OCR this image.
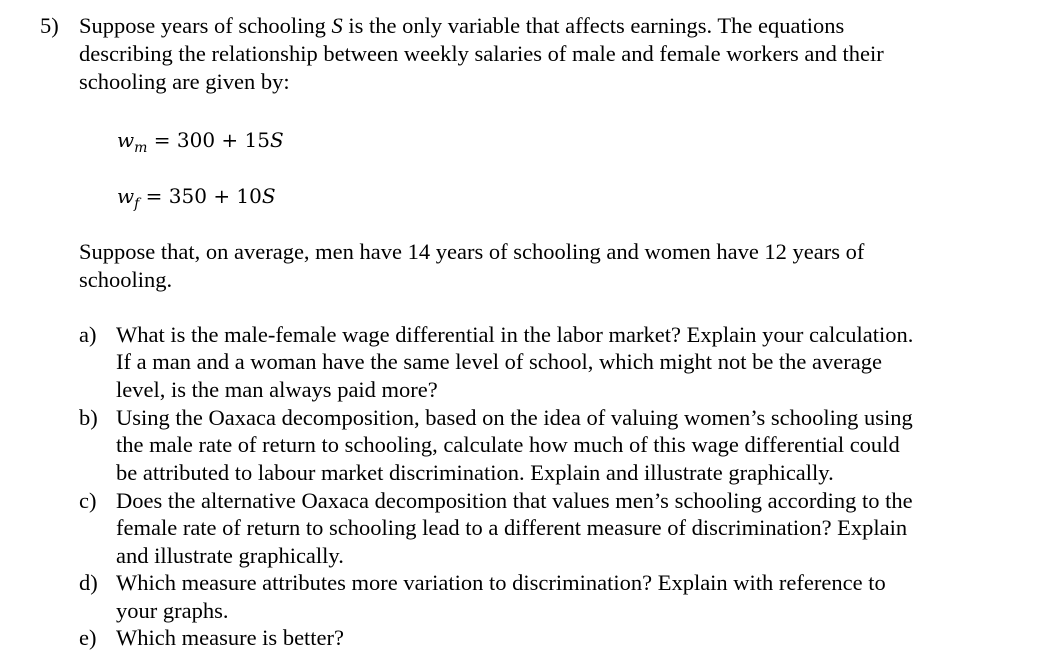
5) Suppose years of schooling S is the only variable that affects earnings. The equations
describing the relationship between weekly salaries of male and female workers and their
schooling are given by:
$w_m = 300 + 15S$
$w_f = 350 + 10S$
Suppose that, on average, men have 14 years of schooling and women have 12 years of
schooling.
a) What is the male-female wage differential in the labor market? Explain your calculation.
If a man and a woman have the same level of school, which might not be the average
level, is the man always paid more?
b) Using the Oaxaca decomposition, based on the idea of valuing women’s schooling using
the male rate of return to schooling, calculate how much of this wage differential could
be attributed to labour market discrimination. Explain and illustrate graphically.
c) Does the alternative Oaxaca decomposition that values men’s schooling according to the
female rate of return to schooling lead to a different measure of discrimination? Explain
and illustrate graphically.
d) Which measure attributes more variation to discrimination? Explain with reference to
your graphs.
e) Which measure is better?
